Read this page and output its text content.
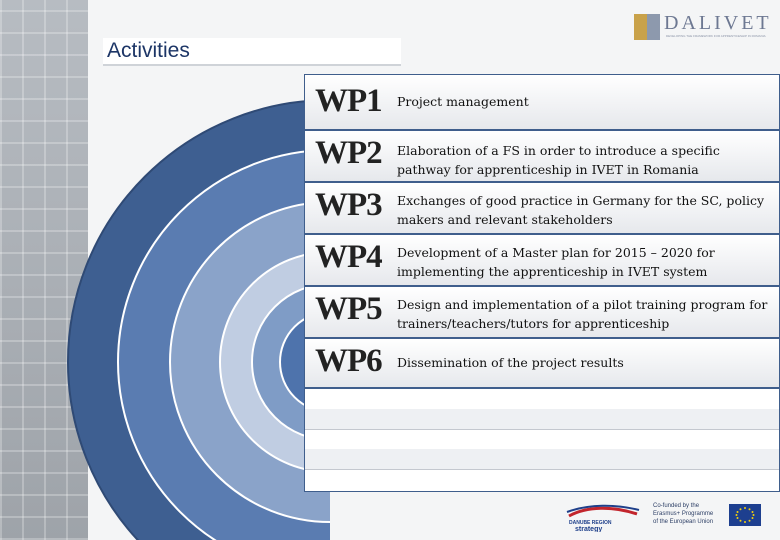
Activities
DALIVET
DEVELOPING THE FRAMEWORK FOR APPRENTICESHIP IN ROMANIA
WP1 Project management
WP2 Elaboration of a FS in order to introduce a specific pathway for apprenticeship in IVET in Romania
WP3 Exchanges of good practice in Germany for the SC, policy makers and relevant stakeholders
WP4 Development of a Master plan for 2015 – 2020 for implementing the apprenticeship in IVET system
WP5 Design and implementation of a pilot training program for trainers/teachers/tutors for apprenticeship
WP6 Dissemination of the project results
DANUBE REGION
strategy
Co-funded by the
Erasmus+ Programme
of the European Union
